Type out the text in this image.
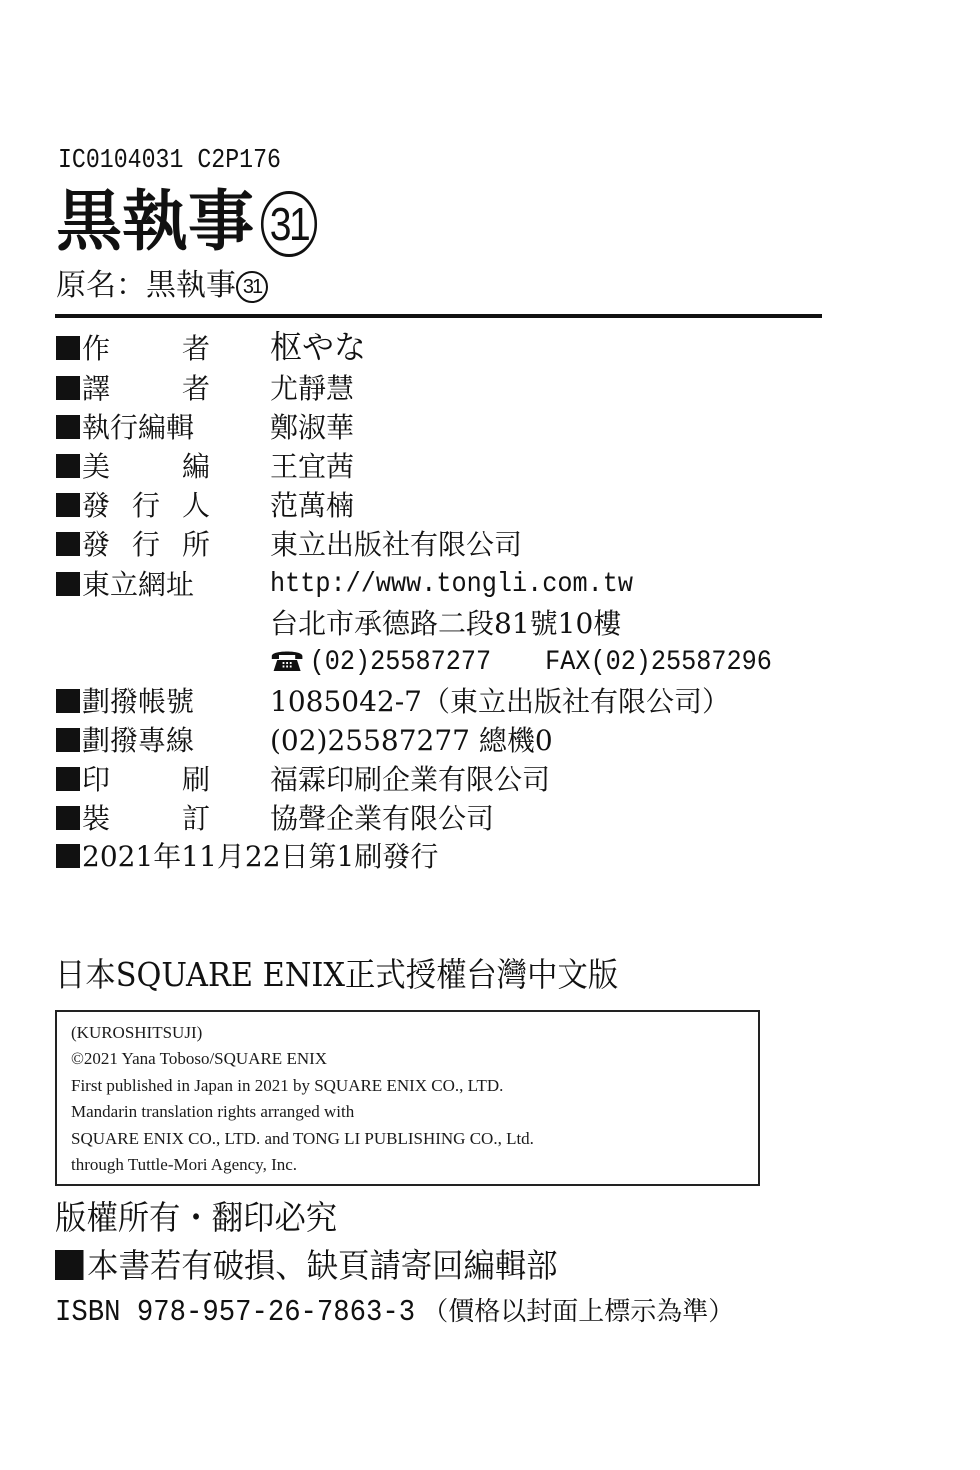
IC0104031 C2P176
黒執事 31
原名：黒執事 31
作　　者 枢やな
譯　　者 尤靜慧
執行編輯	鄭淑華
美　　編 王宜茜
發行人 范萬楠
發行所 東立出版社有限公司
東立網址	http://www.tongli.com.tw
台北市承德路二段81號10樓
(02)25587277 FAX(02)25587296
劃撥帳號	1085042-7（東立出版社有限公司）
劃撥專線	(02)25587277 總機0
印　　刷 福霖印刷企業有限公司
裝　　訂 協聲企業有限公司
2021年11月22日第1刷發行
日本SQUARE ENIX正式授權台灣中文版
(KUROSHITSUJI)
©2021 Yana Toboso/SQUARE ENIX
First published in Japan in 2021 by SQUARE ENIX CO., LTD.
Mandarin translation rights arranged with
SQUARE ENIX CO., LTD. and TONG LI PUBLISHING CO., Ltd.
through Tuttle-Mori Agency, Inc.
版權所有・翻印必究
本書若有破損、缺頁請寄回編輯部
ISBN 978-957-26-7863-3 （價格以封面上標示為準）
